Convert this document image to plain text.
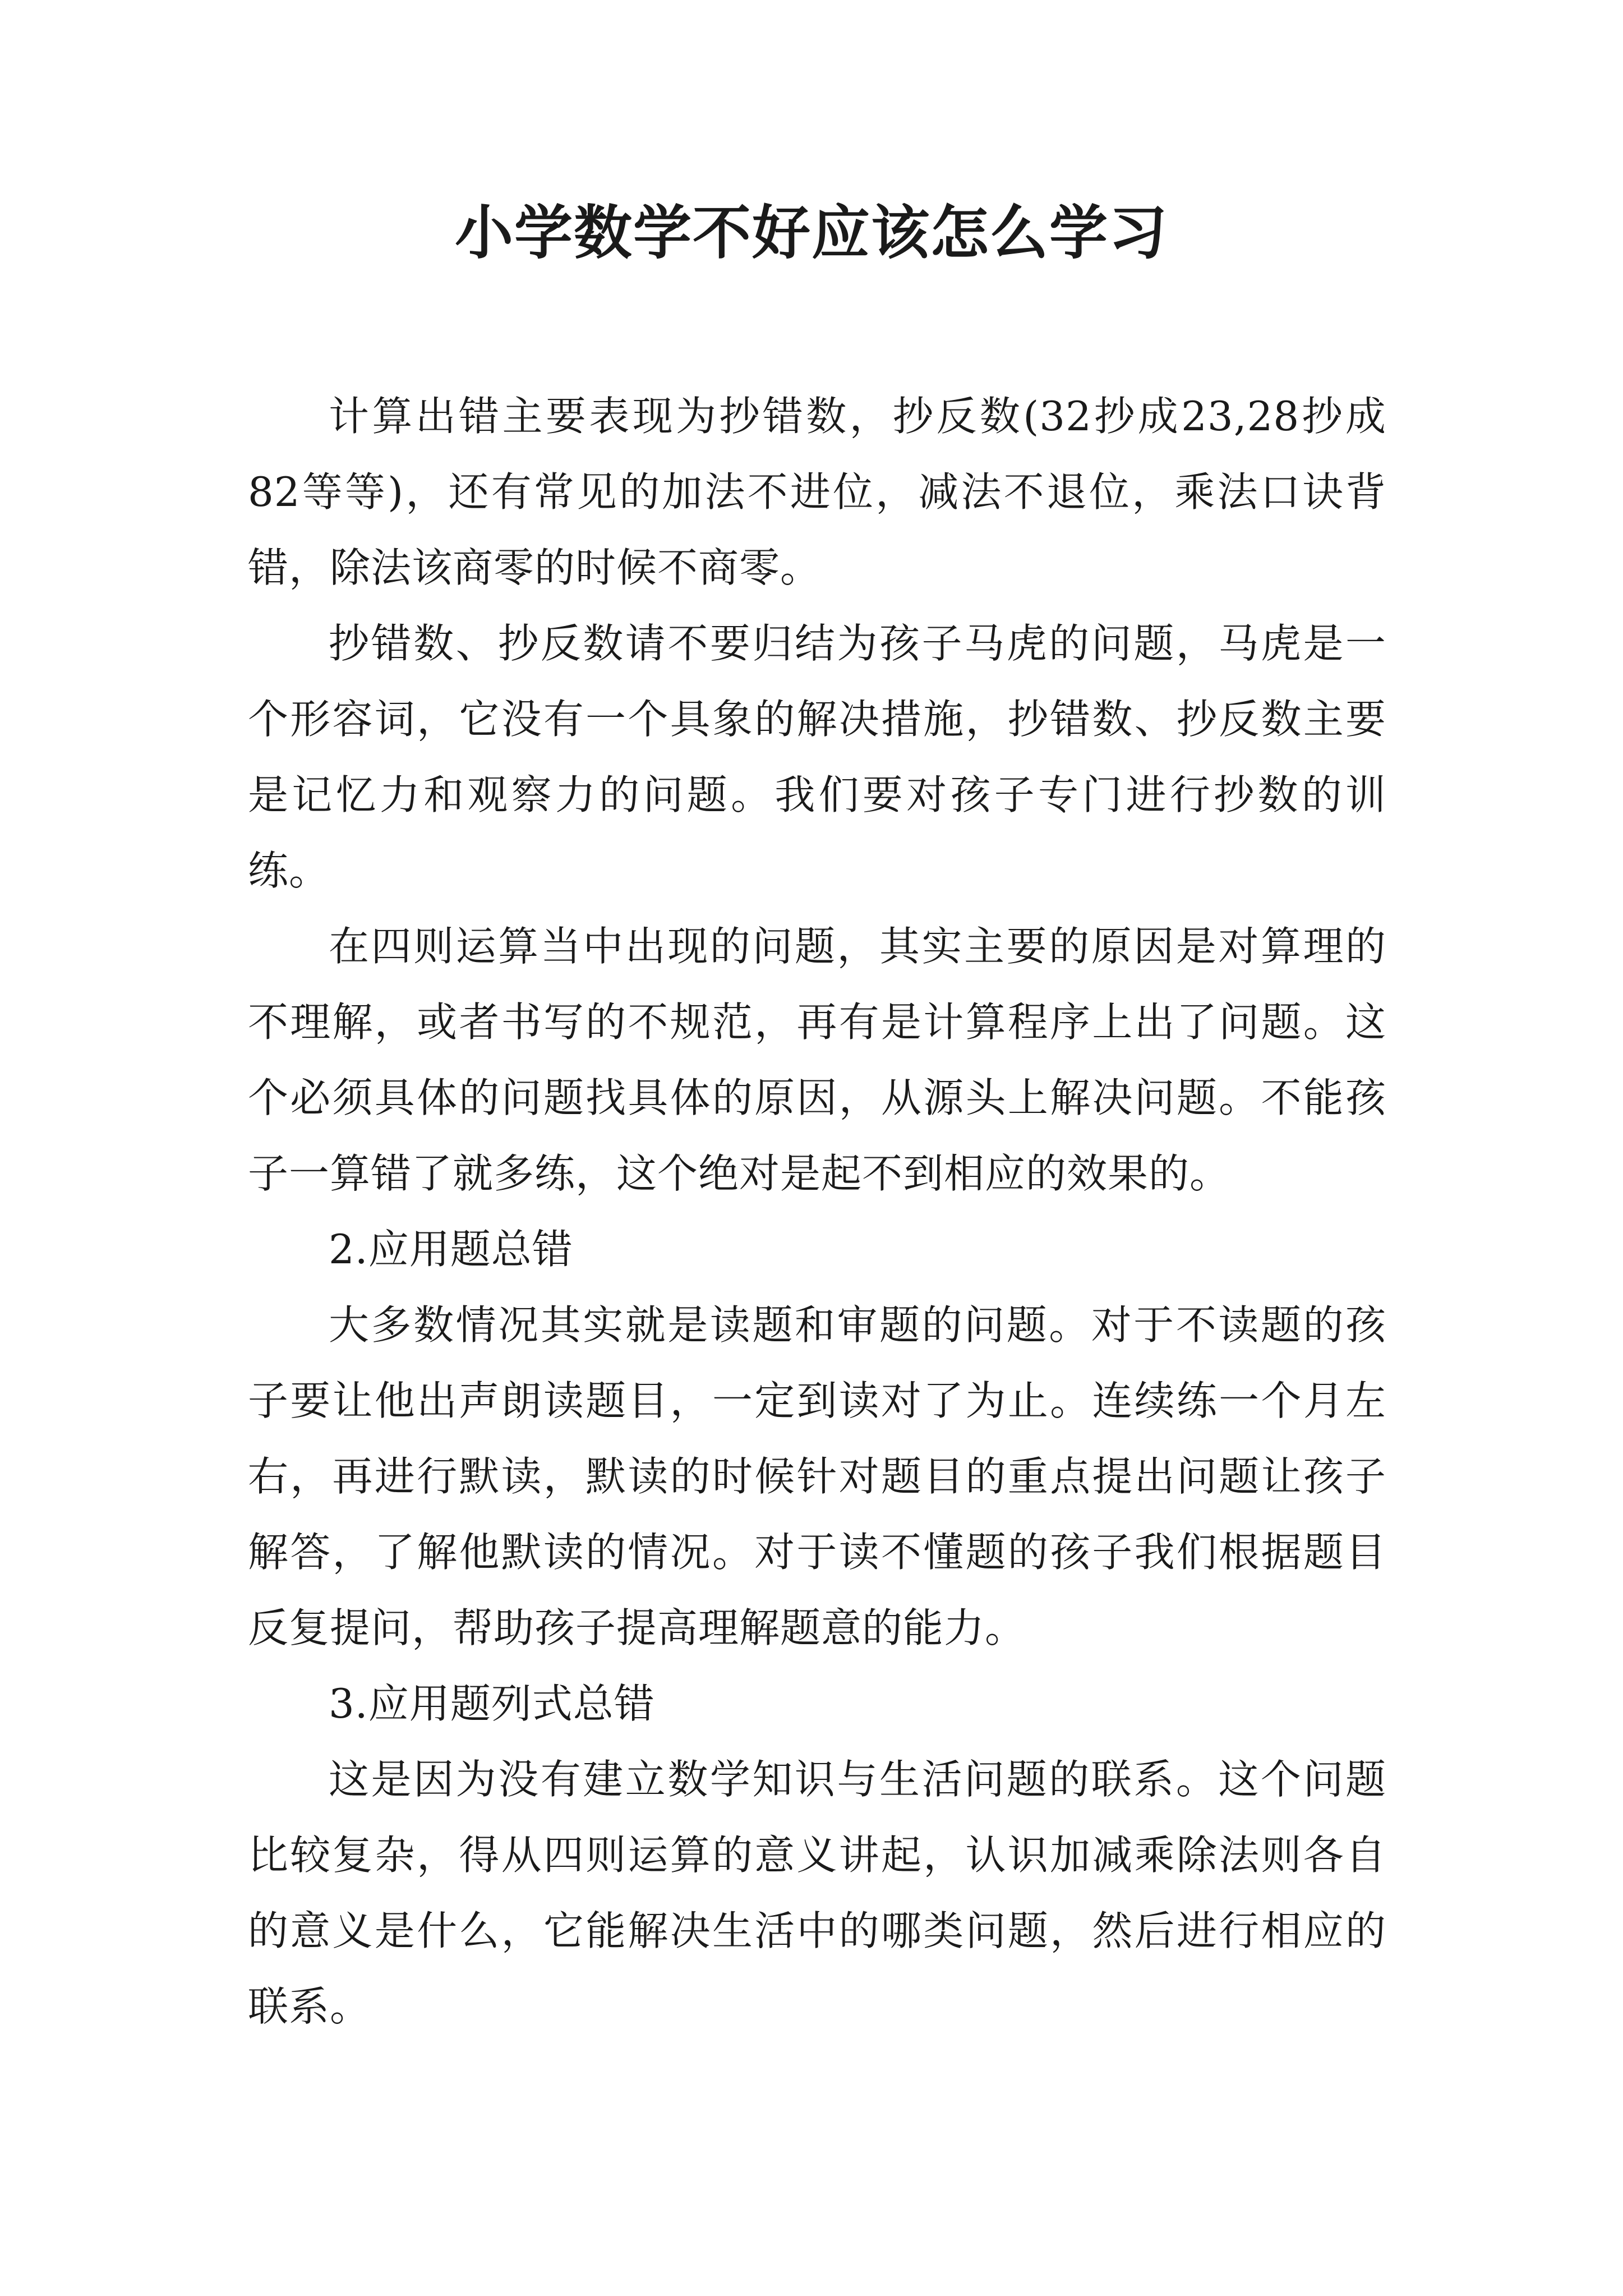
小学数学不好应该怎么学习

计算出错主要表现为抄错数，抄反数(32抄成23,28抄成82等等)，还有常见的加法不进位，减法不退位，乘法口诀背错，除法该商零的时候不商零。

抄错数、抄反数请不要归结为孩子马虎的问题，马虎是一个形容词，它没有一个具象的解决措施，抄错数、抄反数主要是记忆力和观察力的问题。我们要对孩子专门进行抄数的训练。

在四则运算当中出现的问题，其实主要的原因是对算理的不理解，或者书写的不规范，再有是计算程序上出了问题。这个必须具体的问题找具体的原因，从源头上解决问题。不能孩子一算错了就多练，这个绝对是起不到相应的效果的。

2.应用题总错

大多数情况其实就是读题和审题的问题。对于不读题的孩子要让他出声朗读题目，一定到读对了为止。连续练一个月左右，再进行默读，默读的时候针对题目的重点提出问题让孩子解答，了解他默读的情况。对于读不懂题的孩子我们根据题目反复提问，帮助孩子提高理解题意的能力。

3.应用题列式总错

这是因为没有建立数学知识与生活问题的联系。这个问题比较复杂，得从四则运算的意义讲起，认识加减乘除法则各自的意义是什么，它能解决生活中的哪类问题，然后进行相应的联系。
